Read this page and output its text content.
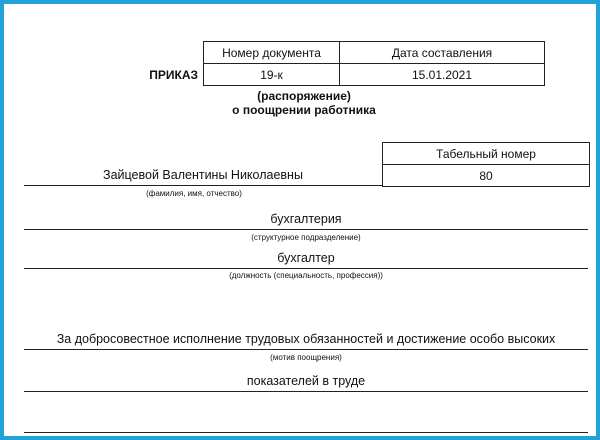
Номер документа	Дата составления
19-к	15.01.2021
ПРИКАЗ
(распоряжение)
о поощрении работника
Табельный номер
80
Зайцевой Валентины Николаевны
(фамилия, имя, отчество)
бухгалтерия
(структурное подразделение)
бухгалтер
(должность (специальность, профессия))
За добросовестное исполнение трудовых обязанностей и достижение особо высоких
(мотив поощрения)
показателей в труде
